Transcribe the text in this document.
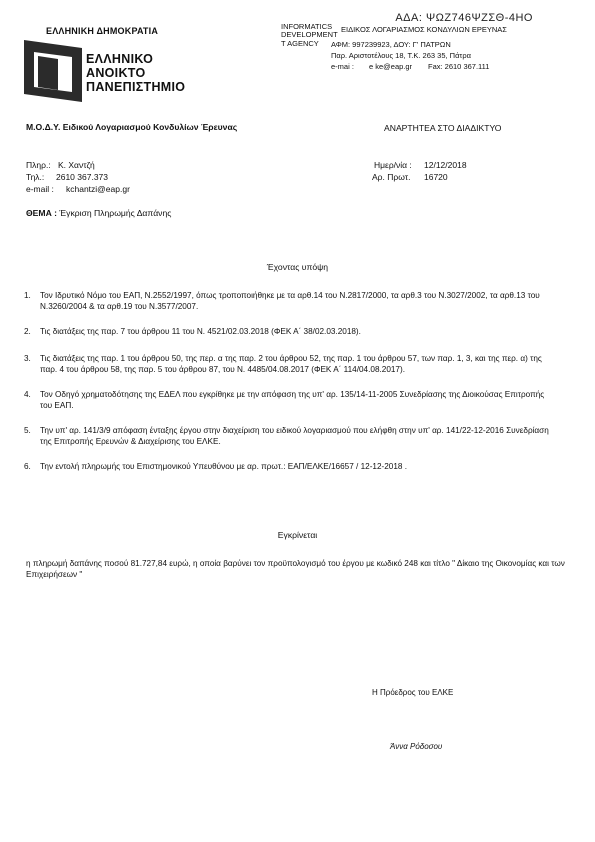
ΑΔΑ: ΨΩΖ746ΨΖΣΘ-4ΗΟ
ΕΛΛΗΝΙΚΗ ΔΗΜΟΚΡΑΤΙΑ
ΕΛΛΗΝΙΚΟ
ΑΝΟΙΚΤΟ
ΠΑΝΕΠΙΣΤΗΜΙΟ
INFORMATICS
DEVELOPMENT
T AGENCY
ΕΙΔΙΚΟΣ ΛΟΓΑΡΙΑΣΜΟΣ ΚΟΝΔΥΛΙΩΝ ΕΡΕΥΝΑΣ
ΑΦΜ: 997239923, ΔΟΥ: Γ' ΠΑΤΡΩΝ
Παρ. Αριστοτέλους 18, Τ.Κ. 263 35, Πάτρα
e-mai : e ke@eap.gr Fax: 2610 367.111
Μ.Ο.Δ.Υ. Ειδικού Λογαριασμού Κονδυλίων Έρευνας	ΑΝΑΡΤΗΤΕΑ ΣΤΟ ΔΙΑΔΙΚΤΥΟ
Πληρ.: Κ. Χαντζή
Τηλ.: 2610 367.373
e-mail : kchantzi@eap.gr
Ημερ/νία : 12/12/2018
Αρ. Πρωτ. 16720
ΘΕΜΑ : Έγκριση Πληρωμής Δαπάνης
Έχοντας υπόψη
1. Τον Ιδρυτικό Νόμο του ΕΑΠ, Ν.2552/1997, όπως τροποποιήθηκε με τα αρθ.14 του Ν.2817/2000, τα αρθ.3 του Ν.3027/2002, τα αρθ.13 του Ν.3260/2004 & τα αρθ.19 του Ν.3577/2007.
2. Τις διατάξεις της παρ. 7 του άρθρου 11 του Ν. 4521/02.03.2018 (ΦΕΚ Α΄ 38/02.03.2018).
3. Τις διατάξεις της παρ. 1 του άρθρου 50, της περ. α της παρ. 2 του άρθρου 52, της παρ. 1 του άρθρου 57, των παρ. 1, 3, και της περ. α) της παρ. 4 του άρθρου 58, της παρ. 5 του άρθρου 87, του Ν. 4485/04.08.2017 (ΦΕΚ Α΄ 114/04.08.2017).
4. Τον Οδηγό χρηματοδότησης της ΕΔΕΛ που εγκρίθηκε με την απόφαση της υπ' αρ. 135/14-11-2005 Συνεδρίασης της Διοικούσας Επιτροπής του ΕΑΠ.
5. Την υπ' αρ. 141/3/9 απόφαση ένταξης έργου στην διαχείριση του ειδικού λογαριασμού που ελήφθη στην υπ' αρ. 141/22-12-2016 Συνεδρίαση της Επιτροπής Ερευνών & Διαχείρισης του ΕΛΚΕ.
6. Την εντολή πληρωμής του Επιστημονικού Υπευθύνου με αρ. πρωτ.: ΕΑΠ/ΕΛΚΕ/16657 / 12-12-2018 .
Εγκρίνεται
η πληρωμή δαπάνης ποσού 81.727,84 ευρώ, η οποία βαρύνει τον προϋπολογισμό του έργου με κωδικό 248 και τίτλο " Δίκαιο της Οικονομίας και των Επιχειρήσεων "
Η Πρόεδρος του ΕΛΚΕ
Άννα Ρόδοσου
